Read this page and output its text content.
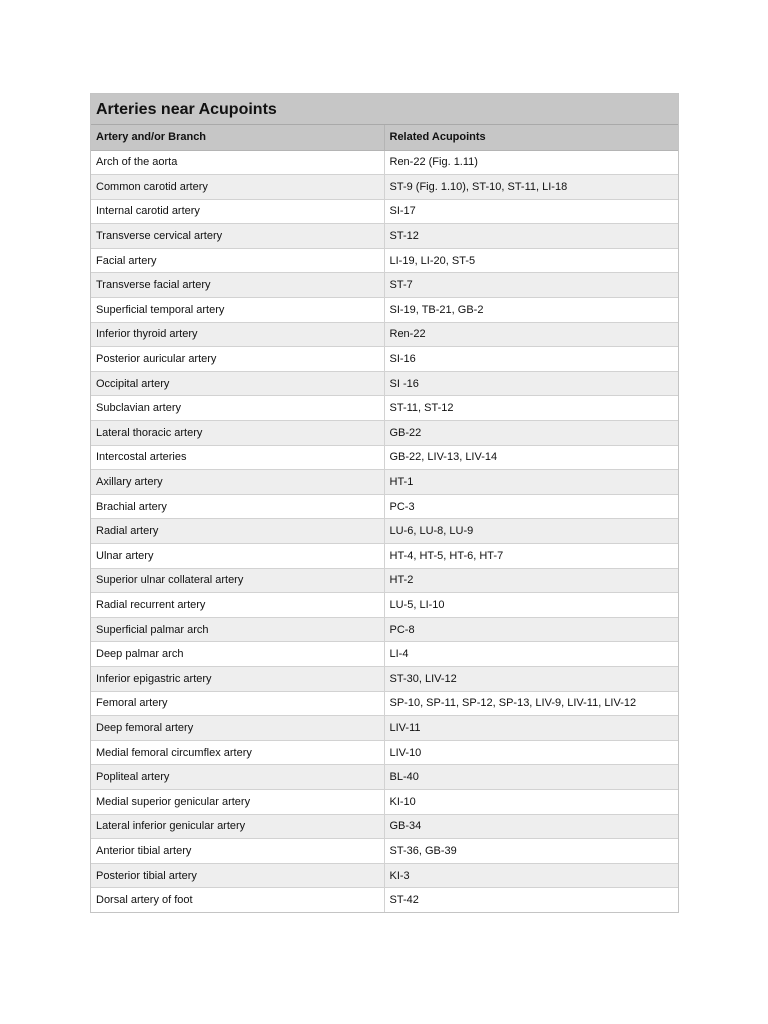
Arteries near Acupoints
Artery and/or Branch	Related Acupoints
Arch of the aorta	Ren-22 (Fig. 1.11)
Common carotid artery	ST-9 (Fig. 1.10), ST-10, ST-11, LI-18
Internal carotid artery	SI-17
Transverse cervical artery	ST-12
Facial artery	LI-19, LI-20, ST-5
Transverse facial artery	ST-7
Superficial temporal artery	SI-19, TB-21, GB-2
Inferior thyroid artery	Ren-22
Posterior auricular artery	SI-16
Occipital artery	SI -16
Subclavian artery	ST-11, ST-12
Lateral thoracic artery	GB-22
Intercostal arteries	GB-22, LIV-13, LIV-14
Axillary artery	HT-1
Brachial artery	PC-3
Radial artery	LU-6, LU-8, LU-9
Ulnar artery	HT-4, HT-5, HT-6, HT-7
Superior ulnar collateral artery	HT-2
Radial recurrent artery	LU-5, LI-10
Superficial palmar arch	PC-8
Deep palmar arch	LI-4
Inferior epigastric artery	ST-30, LIV-12
Femoral artery	SP-10, SP-11, SP-12, SP-13, LIV-9, LIV-11, LIV-12
Deep femoral artery	LIV-11
Medial femoral circumflex artery	LIV-10
Popliteal artery	BL-40
Medial superior genicular artery	KI-10
Lateral inferior genicular artery	GB-34
Anterior tibial artery	ST-36, GB-39
Posterior tibial artery	KI-3
Dorsal artery of foot	ST-42
